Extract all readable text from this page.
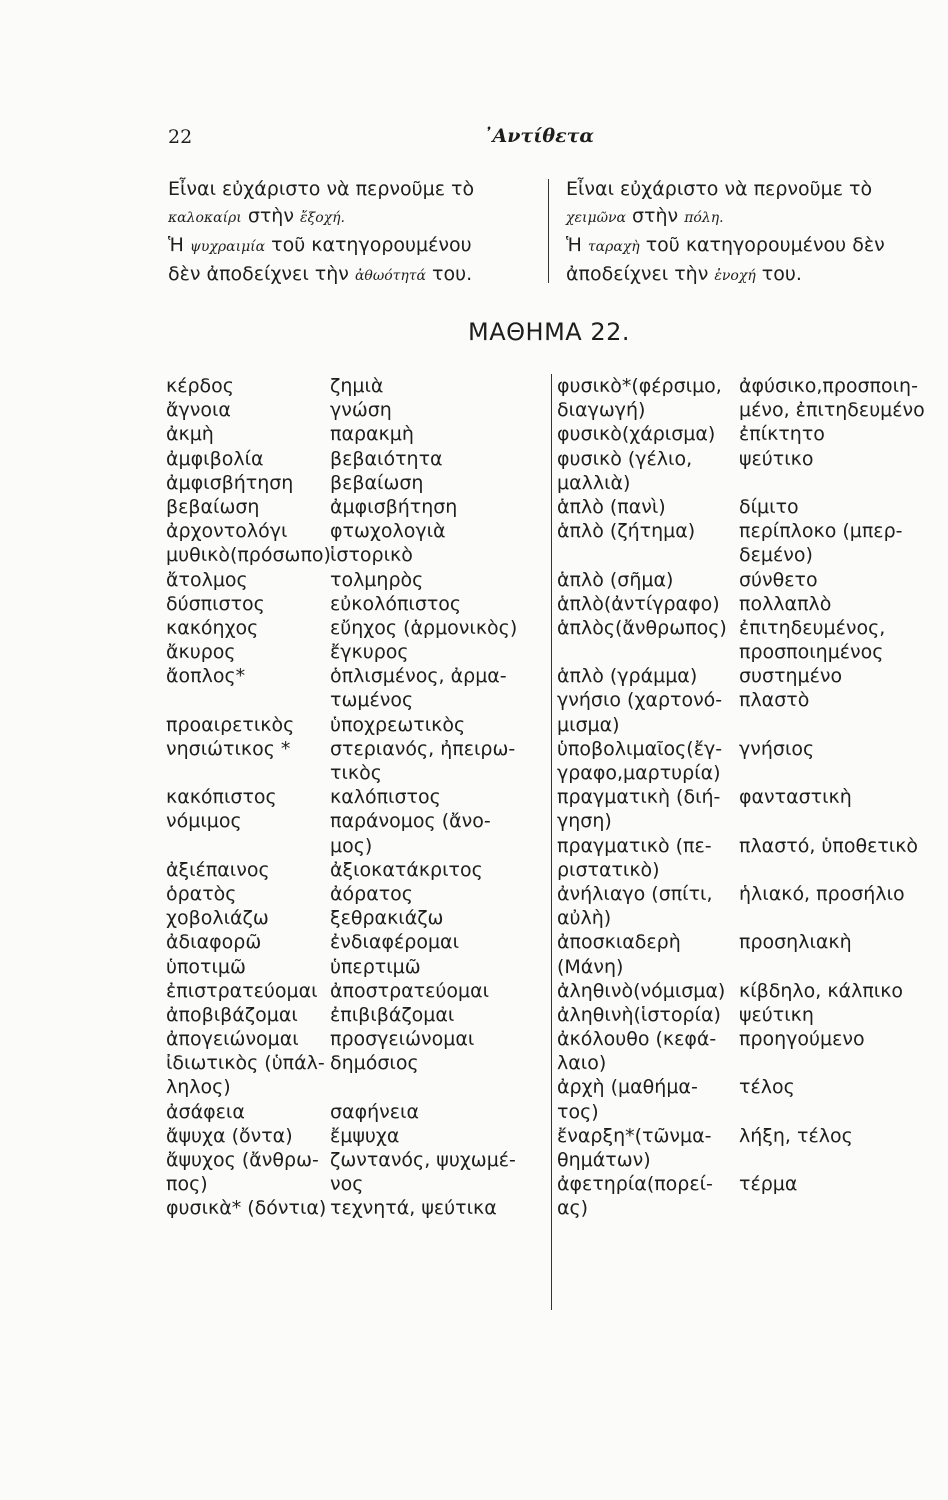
22	᾽Αντίθετα
Εἶναι εὐχάριστο νὰ περνοῦμε τὸ
καλοκαίρι στὴν ἔξοχή.
Ἡ ψυχραιμία τοῦ κατηγορουμένου
δὲν ἀποδείχνει τὴν ἀθωότητά του.
Εἶναι εὐχάριστο νὰ περνοῦμε τὸ
χειμῶνα στὴν πόλη.
Ἡ ταραχὴ τοῦ κατηγορουμένου δὲν
ἀποδείχνει τὴν ἐνοχή του.
ΜΑΘΗΜΑ 22.
κέρδος
ἄγνοια
ἀκμὴ
ἀμφιβολία
ἀμφισβήτηση
βεβαίωση
ἀρχοντολόγι
μυθικὸ(πρόσωπο)
ἄτολμος
δύσπιστος
κακόηχος
ἄκυρος
ἄοπλος*
προαιρετικὸς
νησιώτικος *
κακόπιστος
νόμιμος
ἀξιέπαινος
ὁρατὸς
χοβολιάζω
ἀδιαφορῶ
ὑποτιμῶ
ἐπιστρατεύομαι
ἀποβιβάζομαι
ἀπογειώνομαι
ἰδιωτικὸς (ὑπάλ-
ληλος)
ἀσάφεια
ἄψυχα (ὄντα)
ἄψυχος (ἄνθρω-
πος)
φυσικὰ* (δόντια)
ζημιὰ
γνώση
παρακμὴ
βεβαιότητα
βεβαίωση
ἀμφισβήτηση
φτωχολογιὰ
ἱστορικὸ
τολμηρὸς
εὐκολόπιστος
εὔηχος (ἁρμονικὸς)
ἔγκυρος
ὁπλισμένος, ἀρμα-
τωμένος
ὑποχρεωτικὸς
στεριανός, ἠπειρω-
τικὸς
καλόπιστος
παράνομος (ἄνο-
μος)
ἀξιοκατάκριτος
ἀόρατος
ξεθρακιάζω
ἐνδιαφέρομαι
ὑπερτιμῶ
ἀποστρατεύομαι
ἐπιβιβάζομαι
προσγειώνομαι
δημόσιος
σαφήνεια
ἔμψυχα
ζωντανός, ψυχωμέ-
νος
τεχνητά, ψεύτικα
φυσικὸ*(φέρσιμο,
διαγωγή)
φυσικὸ(χάρισμα)
φυσικὸ (γέλιο,
μαλλιὰ)
ἁπλὸ (πανὶ)
ἁπλὸ (ζήτημα)
ἁπλὸ (σῆμα)
ἁπλὸ(ἀντίγραφο)
ἁπλὸς(ἄνθρωπος)
ἁπλὸ (γράμμα)
γνήσιο (χαρτονό-
μισμα)
ὑποβολιμαῖος(ἔγ-
γραφο,μαρτυρία)
πραγματικὴ (διή-
γηση)
πραγματικὸ (πε-
ριστατικὸ)
ἀνήλιαγο (σπίτι,
αὐλὴ)
ἀποσκιαδερὴ
(Μάνη)
ἀληθινὸ(νόμισμα)
ἀληθινὴ(ἱστορία)
ἀκόλουθο (κεφά-
λαιο)
ἀρχὴ (μαθήμα-
τος)
ἔναρξη*(τῶνμα-
θημάτων)
ἀφετηρία(πορεί-
ας)
ἀφύσικο,προσποιη-
μένο, ἐπιτηδευμένο
ἐπίκτητο
ψεύτικο
δίμιτο
περίπλοκο (μπερ-
δεμένο)
σύνθετο
πολλαπλὸ
ἐπιτηδευμένος,
προσποιημένος
συστημένο
πλαστὸ
γνήσιος
φανταστικὴ
πλαστό, ὑποθετικὸ
ἡλιακό, προσήλιο
προσηλιακὴ
κίβδηλο, κάλπικο
ψεύτικη
προηγούμενο
τέλος
λήξη, τέλος
τέρμα
